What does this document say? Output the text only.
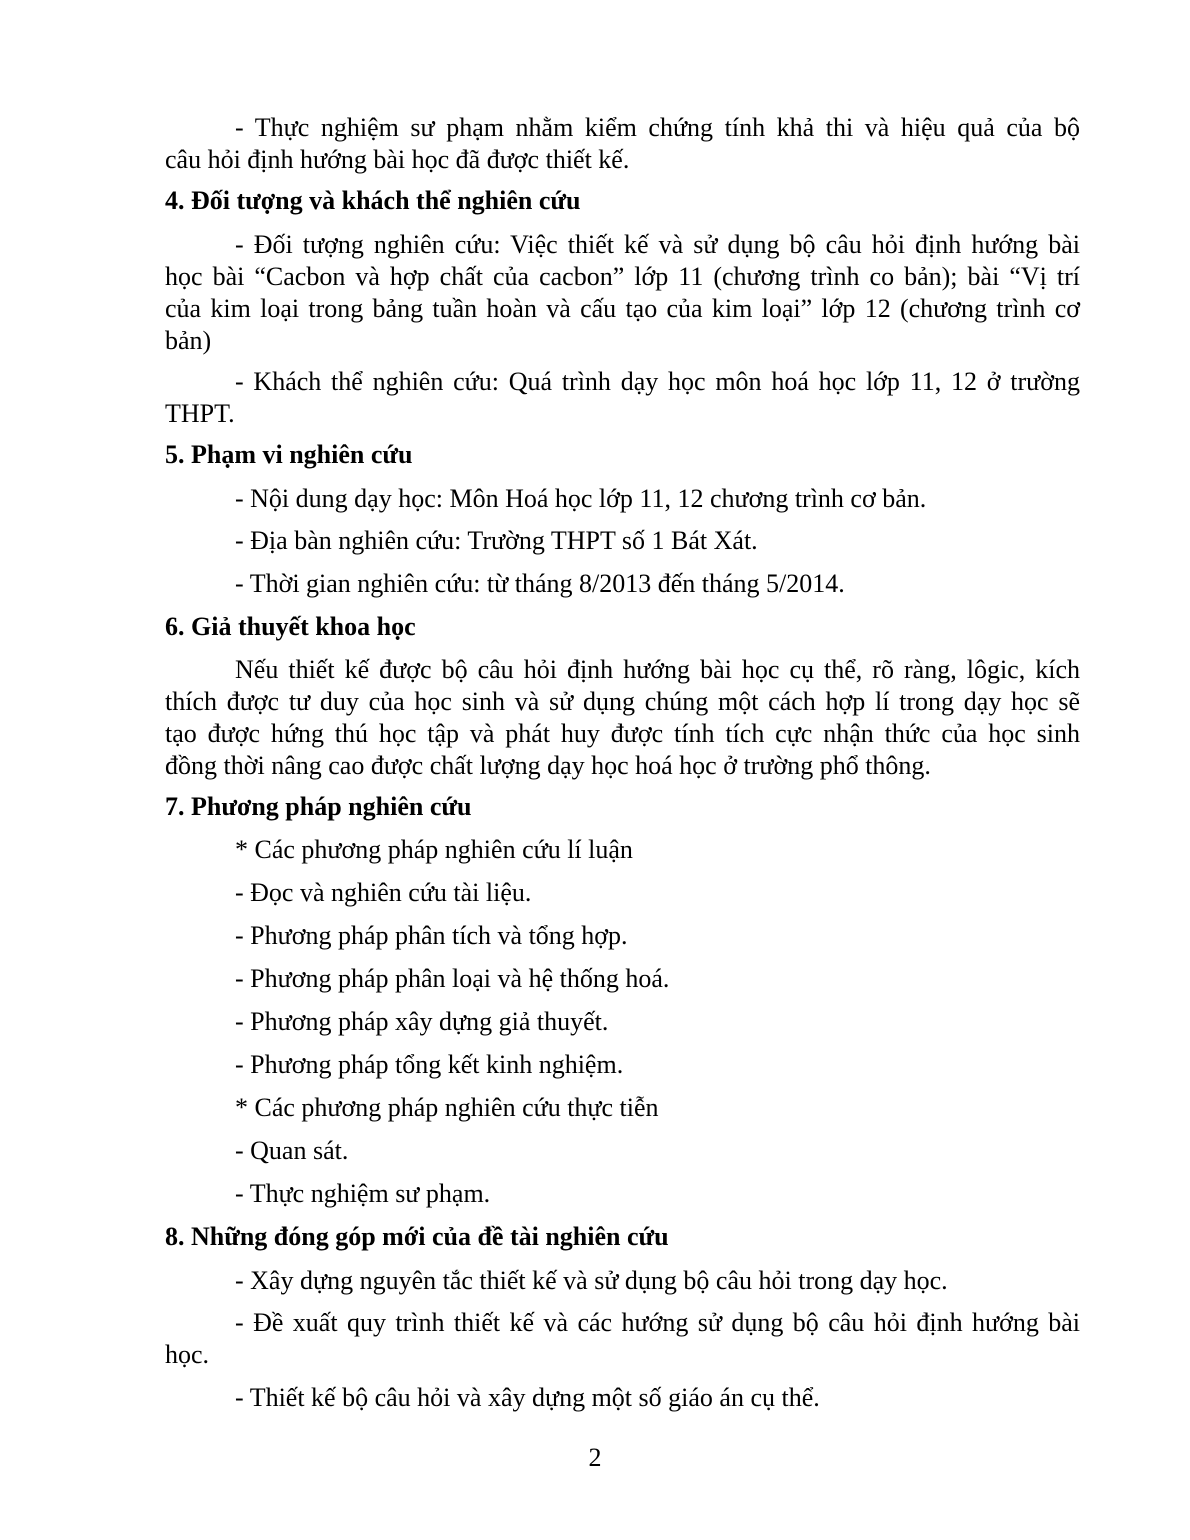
- Thực nghiệm sư phạm nhằm kiểm chứng tính khả thi và hiệu quả của bộ
câu hỏi định hướng bài học đã được thiết kế.
4. Đối tượng và khách thể nghiên cứu
- Đối tượng nghiên cứu: Việc thiết kế và sử dụng bộ câu hỏi định hướng bài
học bài “Cacbon và hợp chất của cacbon” lớp 11 (chương trình co bản); bài “Vị trí
của kim loại trong bảng tuần hoàn và cấu tạo của kim loại” lớp 12 (chương trình cơ
bản)
- Khách thể nghiên cứu: Quá trình dạy học môn hoá học lớp 11, 12 ở trường
THPT.
5. Phạm vi nghiên cứu
- Nội dung dạy học: Môn Hoá học lớp 11, 12 chương trình cơ bản.
- Địa bàn nghiên cứu: Trường THPT số 1 Bát Xát.
- Thời gian nghiên cứu: từ tháng 8/2013 đến tháng 5/2014.
6. Giả thuyết khoa học
Nếu thiết kế được bộ câu hỏi định hướng bài học cụ thể, rõ ràng, lôgic, kích
thích được tư duy của học sinh và sử dụng chúng một cách hợp lí trong dạy học sẽ
tạo được hứng thú học tập và phát huy được tính tích cực nhận thức của học sinh
đồng thời nâng cao được chất lượng dạy học hoá học ở trường phổ thông.
7. Phương pháp nghiên cứu
* Các phương pháp nghiên cứu lí luận
- Đọc và nghiên cứu tài liệu.
- Phương pháp phân tích và tổng hợp.
- Phương pháp phân loại và hệ thống hoá.
- Phương pháp xây dựng giả thuyết.
- Phương pháp tổng kết kinh nghiệm.
* Các phương pháp nghiên cứu thực tiễn
- Quan sát.
- Thực nghiệm sư phạm.
8. Những đóng góp mới của đề tài nghiên cứu
- Xây dựng nguyên tắc thiết kế và sử dụng bộ câu hỏi trong dạy học.
- Đề xuất quy trình thiết kế và các hướng sử dụng bộ câu hỏi định hướng bài
học.
- Thiết kế bộ câu hỏi và xây dựng một số giáo án cụ thể.
2
